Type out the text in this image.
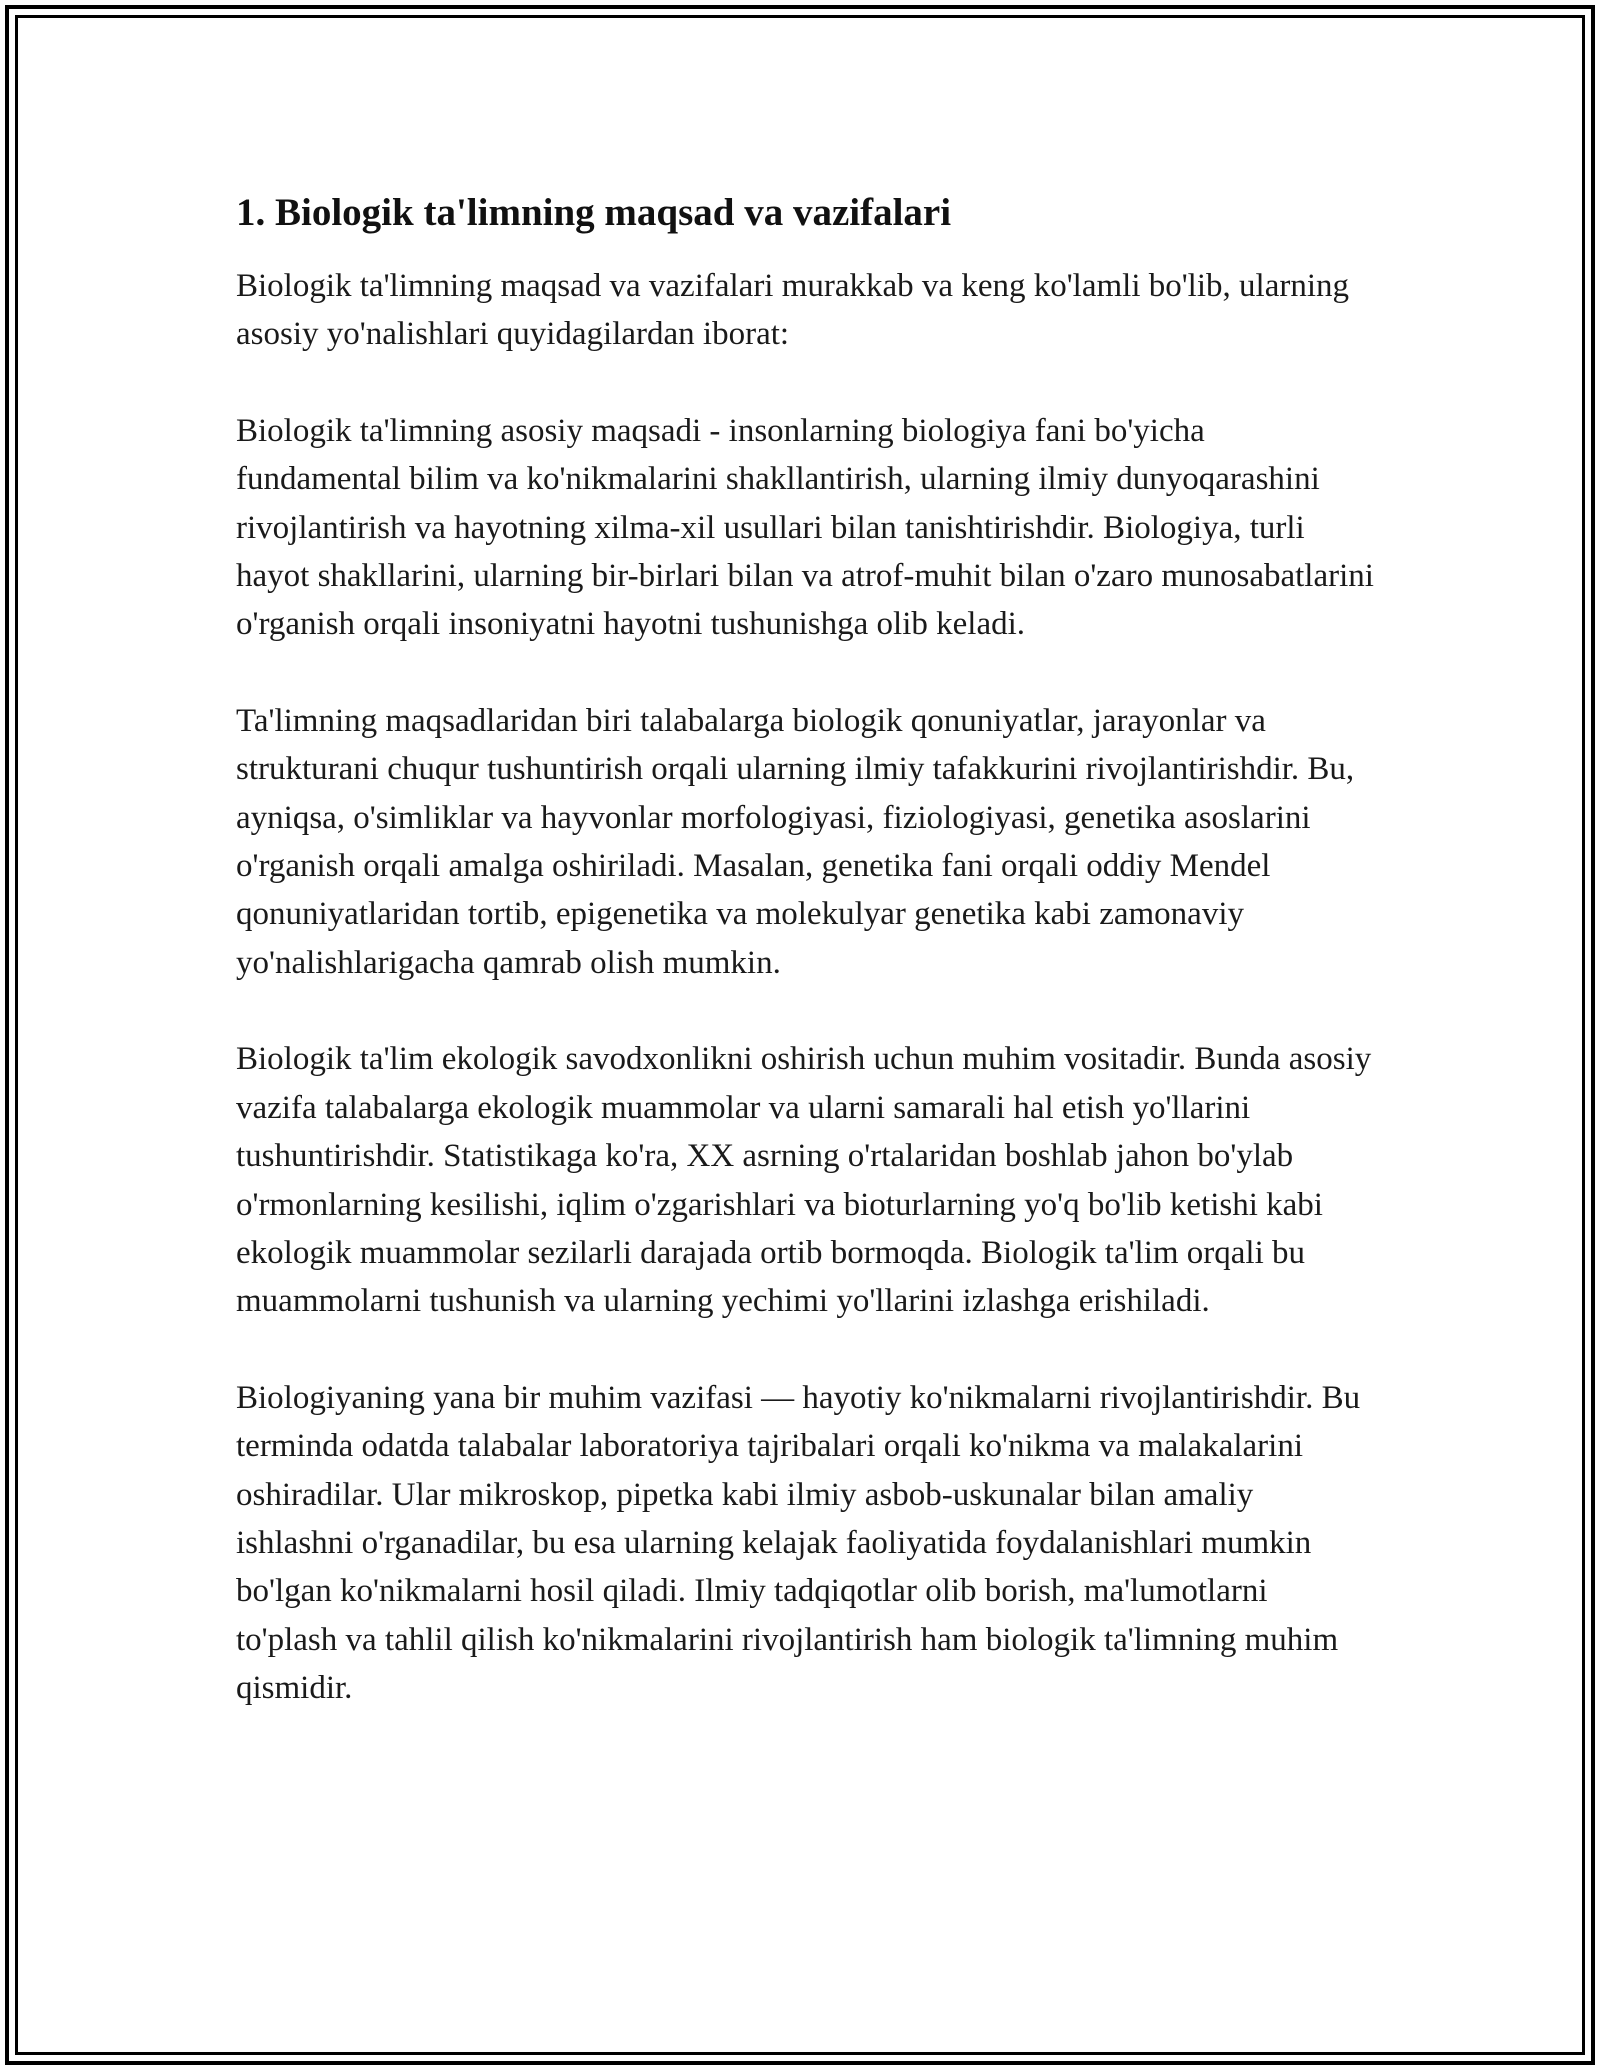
1. Biologik ta'limning maqsad va vazifalari

Biologik ta'limning maqsad va vazifalari murakkab va keng ko'lamli bo'lib, ularning asosiy yo'nalishlari quyidagilardan iborat:

Biologik ta'limning asosiy maqsadi - insonlarning biologiya fani bo'yicha fundamental bilim va ko'nikmalarini shakllantirish, ularning ilmiy dunyoqarashini rivojlantirish va hayotning xilma-xil usullari bilan tanishtirishdir. Biologiya, turli hayot shakllarini, ularning bir-birlari bilan va atrof-muhit bilan o'zaro munosabatlarini o'rganish orqali insoniyatni hayotni tushunishga olib keladi.

Ta'limning maqsadlaridan biri talabalarga biologik qonuniyatlar, jarayonlar va strukturani chuqur tushuntirish orqali ularning ilmiy tafakkurini rivojlantirishdir. Bu, ayniqsa, o'simliklar va hayvonlar morfologiyasi, fiziologiyasi, genetika asoslarini o'rganish orqali amalga oshiriladi. Masalan, genetika fani orqali oddiy Mendel qonuniyatlaridan tortib, epigenetika va molekulyar genetika kabi zamonaviy yo'nalishlarigacha qamrab olish mumkin.

Biologik ta'lim ekologik savodxonlikni oshirish uchun muhim vositadir. Bunda asosiy vazifa talabalarga ekologik muammolar va ularni samarali hal etish yo'llarini tushuntirishdir. Statistikaga ko'ra, XX asrning o'rtalaridan boshlab jahon bo'ylab o'rmonlarning kesilishi, iqlim o'zgarishlari va bioturlarning yo'q bo'lib ketishi kabi ekologik muammolar sezilarli darajada ortib bormoqda. Biologik ta'lim orqali bu muammolarni tushunish va ularning yechimi yo'llarini izlashga erishiladi.

Biologiyaning yana bir muhim vazifasi — hayotiy ko'nikmalarni rivojlantirishdir. Bu terminda odatda talabalar laboratoriya tajribalari orqali ko'nikma va malakalarini oshiradilar. Ular mikroskop, pipetka kabi ilmiy asbob-uskunalar bilan amaliy ishlashni o'rganadilar, bu esa ularning kelajak faoliyatida foydalanishlari mumkin bo'lgan ko'nikmalarni hosil qiladi. Ilmiy tadqiqotlar olib borish, ma'lumotlarni to'plash va tahlil qilish ko'nikmalarini rivojlantirish ham biologik ta'limning muhim qismidir.
